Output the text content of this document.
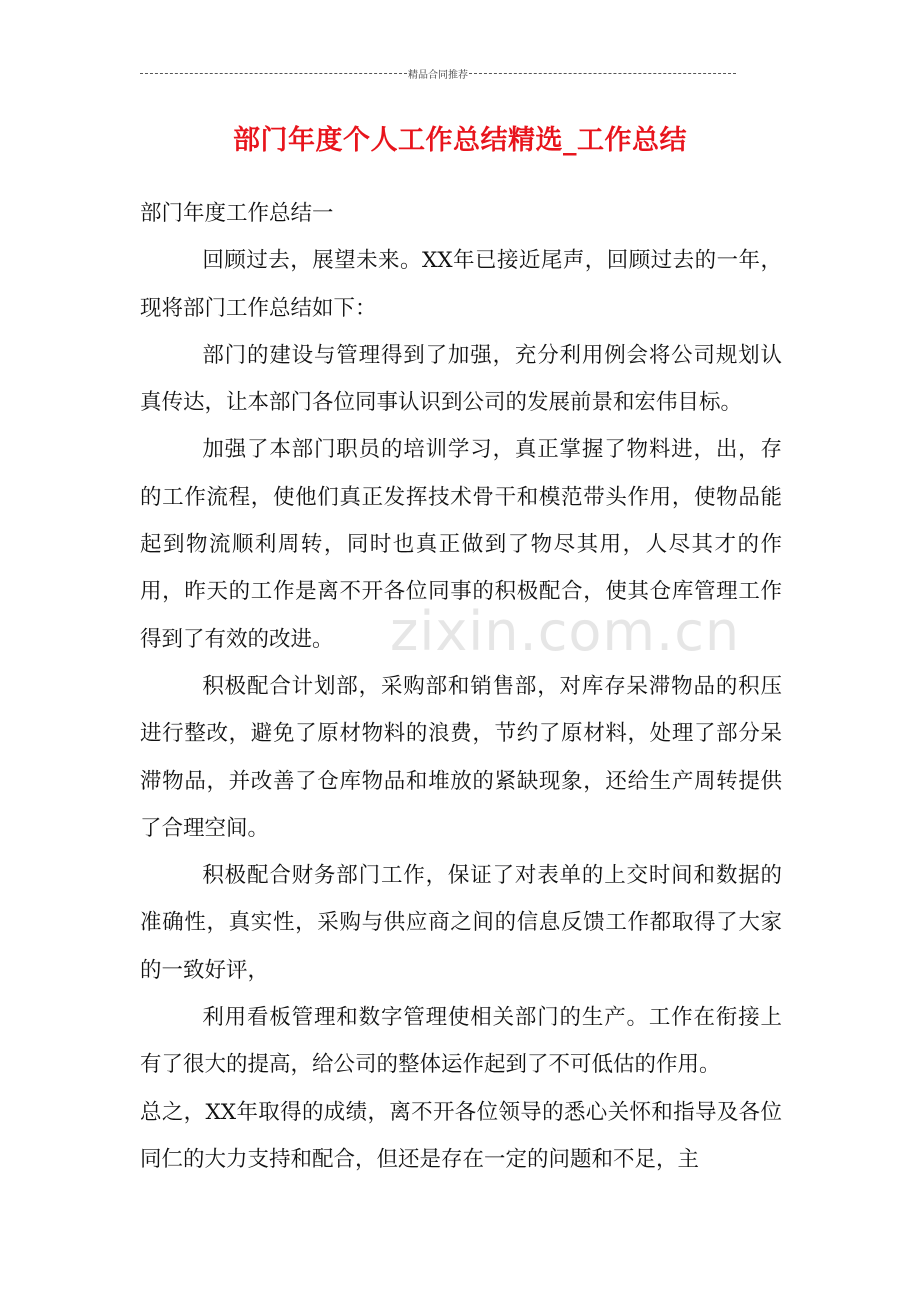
精品合同推荐
部门年度个人工作总结精选_工作总结

部门年度工作总结一

回顾过去，展望未来。XX年已接近尾声，回顾过去的一年，现将部门工作总结如下：

部门的建设与管理得到了加强，充分利用例会将公司规划认真传达，让本部门各位同事认识到公司的发展前景和宏伟目标。

加强了本部门职员的培训学习，真正掌握了物料进，出，存的工作流程，使他们真正发挥技术骨干和模范带头作用，使物品能起到物流顺利周转，同时也真正做到了物尽其用，人尽其才的作用，昨天的工作是离不开各位同事的积极配合，使其仓库管理工作得到了有效的改进。

积极配合计划部，采购部和销售部，对库存呆滞物品的积压进行整改，避免了原材物料的浪费，节约了原材料，处理了部分呆滞物品，并改善了仓库物品和堆放的紧缺现象，还给生产周转提供了合理空间。

积极配合财务部门工作，保证了对表单的上交时间和数据的准确性，真实性，采购与供应商之间的信息反馈工作都取得了大家的一致好评，

利用看板管理和数字管理使相关部门的生产。工作在衔接上有了很大的提高，给公司的整体运作起到了不可低估的作用。

总之，XX年取得的成绩，离不开各位领导的悉心关怀和指导及各位同仁的大力支持和配合，但还是存在一定的问题和不足，主

zixin.com.cn
